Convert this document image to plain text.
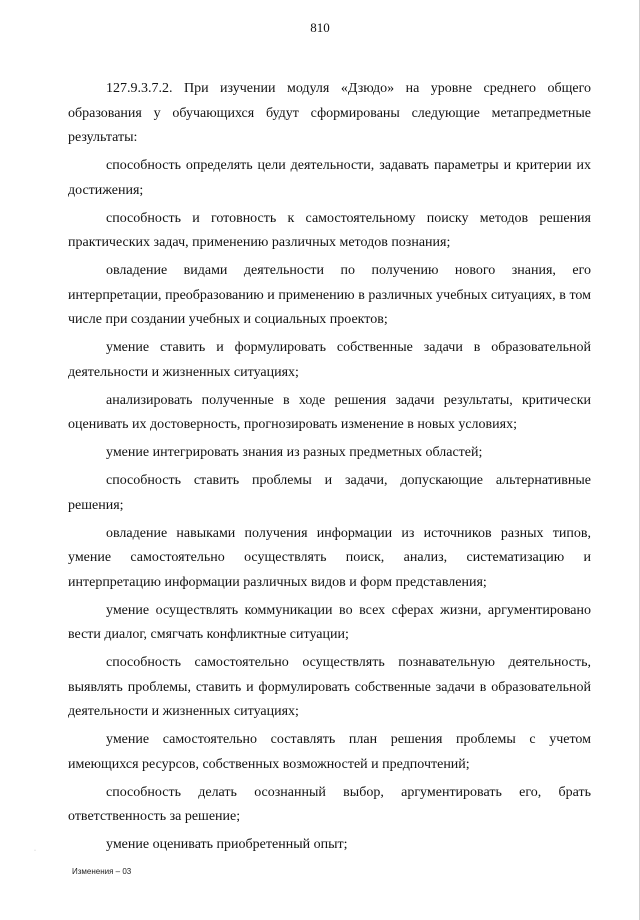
810

127.9.3.7.2. При изучении модуля «Дзюдо» на уровне среднего общего образования у обучающихся будут сформированы следующие метапредметные результаты:

способность определять цели деятельности, задавать параметры и критерии их достижения;

способность и готовность к самостоятельному поиску методов решения практических задач, применению различных методов познания;

овладение видами деятельности по получению нового знания, его интерпретации, преобразованию и применению в различных учебных ситуациях, в том числе при создании учебных и социальных проектов;

умение ставить и формулировать собственные задачи в образовательной деятельности и жизненных ситуациях;

анализировать полученные в ходе решения задачи результаты, критически оценивать их достоверность, прогнозировать изменение в новых условиях;

умение интегрировать знания из разных предметных областей;

способность ставить проблемы и задачи, допускающие альтернативные решения;

овладение навыками получения информации из источников разных типов, умение самостоятельно осуществлять поиск, анализ, систематизацию и интерпретацию информации различных видов и форм представления;

умение осуществлять коммуникации во всех сферах жизни, аргументировано вести диалог, смягчать конфликтные ситуации;

способность самостоятельно осуществлять познавательную деятельность, выявлять проблемы, ставить и формулировать собственные задачи в образовательной деятельности и жизненных ситуациях;

умение самостоятельно составлять план решения проблемы с учетом имеющихся ресурсов, собственных возможностей и предпочтений;

способность делать осознанный выбор, аргументировать его, брать ответственность за решение;

умение оценивать приобретенный опыт;

·
Изменения – 03
